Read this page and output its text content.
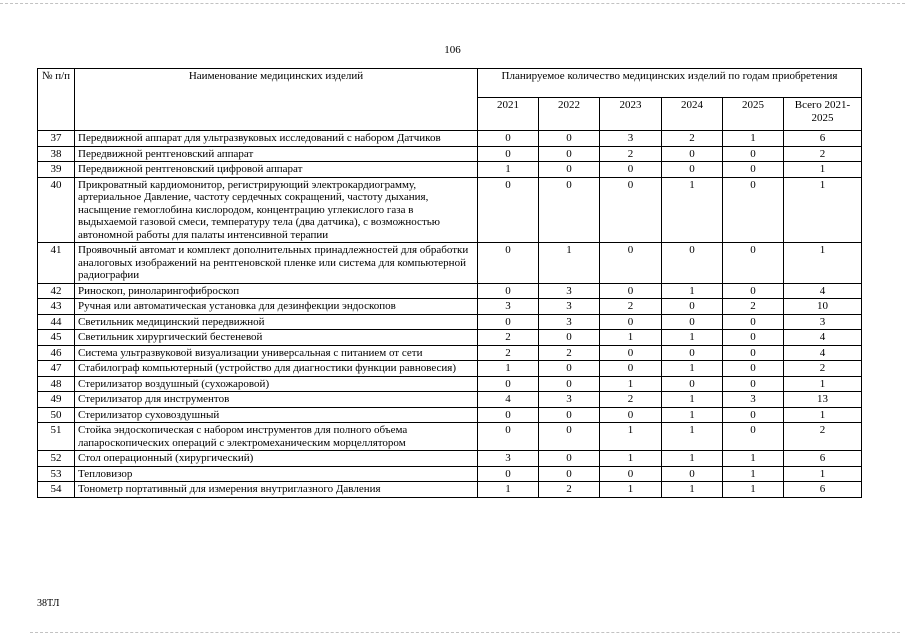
106
№ п/п	Наименование медицинских изделий	Планируемое количество медицинских изделий по годам приобретения					
		2021	2022	2023	2024	2025	Всего 2021-2025
37	Передвижной аппарат для ультразвуковых исследований с набором Датчиков	0	0	3	2	1	6
38	Передвижной рентгеновский аппарат	0	0	2	0	0	2
39	Передвижной рентгеновский цифровой аппарат	1	0	0	0	0	1
40	Прикроватный кардиомонитор, регистрирующий электрокардиограмму, артериальное Давление, частоту сердечных сокращений, частоту дыхания, насыщение гемоглобина кислородом, концентрацию углекислого газа в выдыхаемой газовой смеси, температуру тела (два датчика), с возможностью автономной работы для палаты интенсивной терапии	0	0	0	1	0	1
41	Проявочный автомат и комплект дополнительных принадлежностей для обработки аналоговых изображений на рентгеновской пленке или система для компьютерной радиографии	0	1	0	0	0	1
42	Риноскоп, риноларингофиброскоп	0	3	0	1	0	4
43	Ручная или автоматическая установка для дезинфекции эндоскопов	3	3	2	0	2	10
44	Светильник медицинский передвижной	0	3	0	0	0	3
45	Светильник хирургический бестеневой	2	0	1	1	0	4
46	Система ультразвуковой визуализации универсальная с питанием от сети	2	2	0	0	0	4
47	Стабилограф компьютерный (устройство для диагностики функции равновесия)	1	0	0	1	0	2
48	Стерилизатор воздушный (сухожаровой)	0	0	1	0	0	1
49	Стерилизатор для инструментов	4	3	2	1	3	13
50	Стерилизатор суховоздушный	0	0	0	1	0	1
51	Стойка эндоскопическая с набором инструментов для полного объема лапароскопических операций с электромеханическим морцеллятором	0	0	1	1	0	2
52	Стол операционный (хирургический)	3	0	1	1	1	6
53	Тепловизор	0	0	0	0	1	1
54	Тонометр портативный для измерения внутриглазного Давления	1	2	1	1	1	6
38ТЛ
